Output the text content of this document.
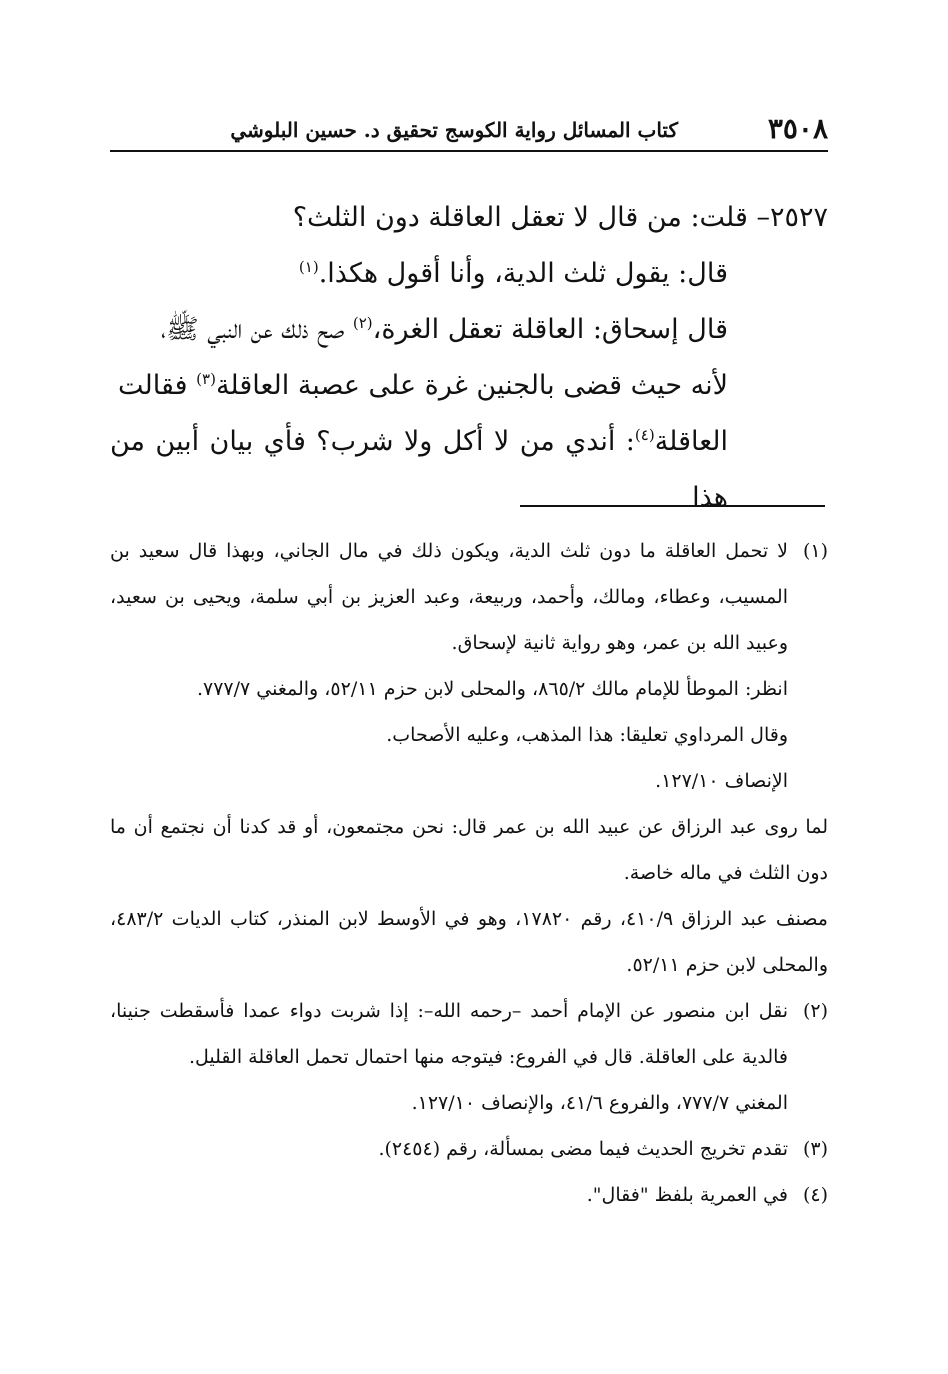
٣٥٠٨
كتاب المسائل رواية الكوسج تحقيق د. حسين البلوشي

٢٥٢٧– قلت: من قال لا تعقل العاقلة دون الثلث؟

قال: يقول ثلث الدية، وأنا أقول هكذا.$^{(١)}$

قال إسحاق: العاقلة تعقل الغرة،$^{(٢)}$ صح ذلك عن النبي ﷺ،

لأنه حيث قضى بالجنين غرة على عصبة العاقلة$^{(٣)}$ فقالت

العاقلة$^{(٤)}$: أندي من لا أكل ولا شرب؟ فأي بيان أبين من هذا

(١)لا تحمل العاقلة ما دون ثلث الدية، ويكون ذلك في مال الجاني، وبهذا قال سعيد بن المسيب، وعطاء، ومالك، وأحمد، وربيعة، وعبد العزيز بن أبي سلمة، ويحيى بن سعيد، وعبيد الله بن عمر، وهو رواية ثانية لإسحاق.

انظر: الموطأ للإمام مالك ٨٦٥/٢، والمحلى لابن حزم ٥٢/١١، والمغني ٧٧٧/٧.

وقال المرداوي تعليقا: هذا المذهب، وعليه الأصحاب.

الإنصاف ١٢٧/١٠.

لما روى عبد الرزاق عن عبيد الله بن عمر قال: نحن مجتمعون، أو قد كدنا أن نجتمع أن ما دون الثلث في ماله خاصة.

مصنف عبد الرزاق ٤١٠/٩، رقم ١٧٨٢٠، وهو في الأوسط لابن المنذر، كتاب الديات ٤٨٣/٢، والمحلى لابن حزم ٥٢/١١.

(٢)نقل ابن منصور عن الإمام أحمد –رحمه الله–: إذا شربت دواء عمدا فأسقطت جنينا، فالدية على العاقلة. قال في الفروع: فيتوجه منها احتمال تحمل العاقلة القليل.

المغني ٧٧٧/٧، والفروع ٤١/٦، والإنصاف ١٢٧/١٠.

(٣)تقدم تخريج الحديث فيما مضى بمسألة، رقم (٢٤٥٤).

(٤)في العمرية بلفظ "فقال".
